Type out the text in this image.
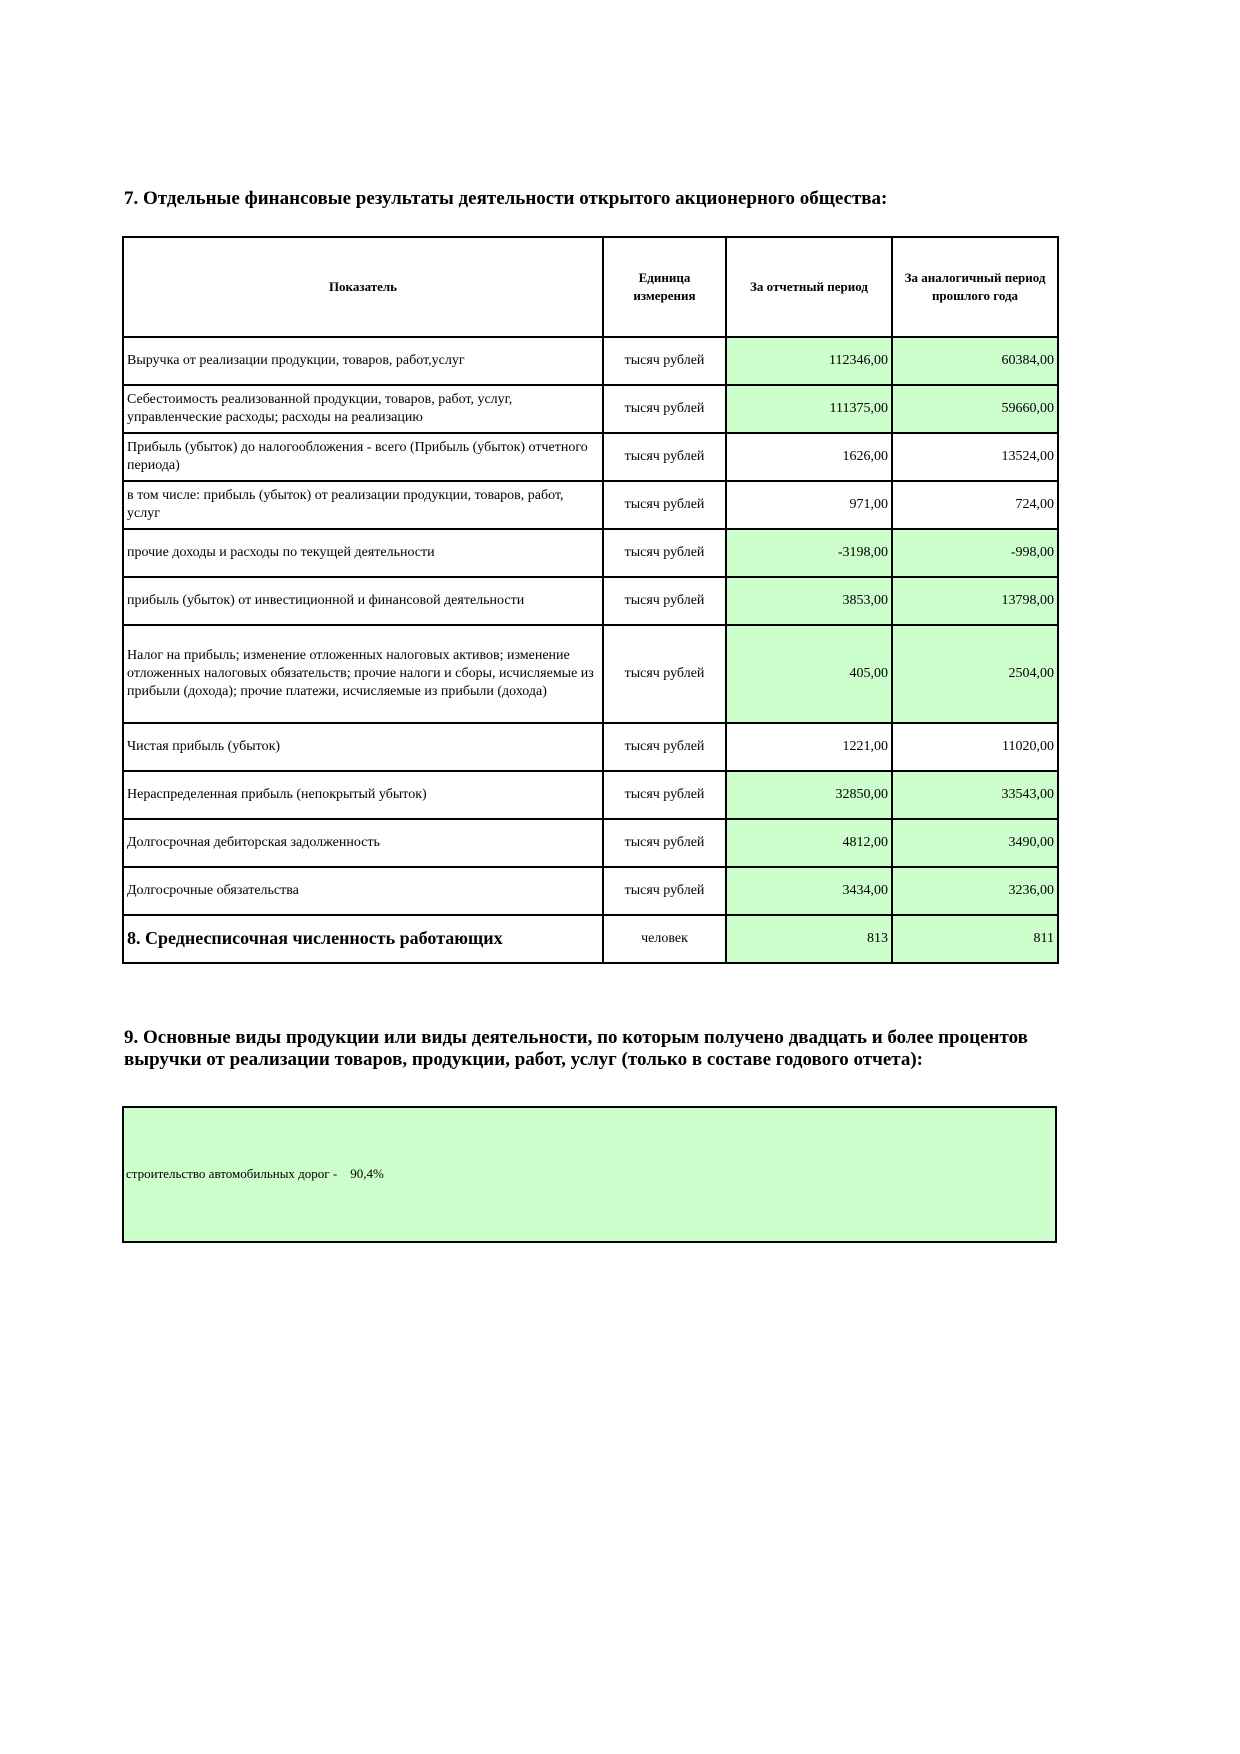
7. Отдельные финансовые результаты деятельности открытого акционерного общества:
Показатель	Единица измерения	За отчетный период	За аналогичный период прошлого года
Выручка от реализации продукции, товаров, работ,услуг	тысяч рублей	112346,00	60384,00
Себестоимость реализованной продукции, товаров, работ, услуг, управленческие расходы; расходы на реализацию	тысяч рублей	111375,00	59660,00
Прибыль (убыток) до налогообложения - всего (Прибыль (убыток) отчетного периода)	тысяч рублей	1626,00	13524,00
в том числе: прибыль (убыток) от реализации продукции, товаров, работ, услуг	тысяч рублей	971,00	724,00
прочие доходы и расходы по текущей деятельности	тысяч рублей	-3198,00	-998,00
прибыль (убыток) от инвестиционной и финансовой деятельности	тысяч рублей	3853,00	13798,00
Налог на прибыль; изменение отложенных налоговых активов; изменение отложенных налоговых обязательств; прочие налоги и сборы, исчисляемые из прибыли (дохода); прочие платежи, исчисляемые из прибыли (дохода)	тысяч рублей	405,00	2504,00
Чистая прибыль (убыток)	тысяч рублей	1221,00	11020,00
Нераспределенная прибыль (непокрытый убыток)	тысяч рублей	32850,00	33543,00
Долгосрочная дебиторская задолженность	тысяч рублей	4812,00	3490,00
Долгосрочные обязательства	тысяч рублей	3434,00	3236,00
8. Среднесписочная численность работающих	человек	813	811
9. Основные виды продукции или виды деятельности, по которым получено двадцать и более процентов выручки от реализации товаров, продукции, работ, услуг (только в составе годового отчета):
строительство автомобильных дорог -    90,4%
